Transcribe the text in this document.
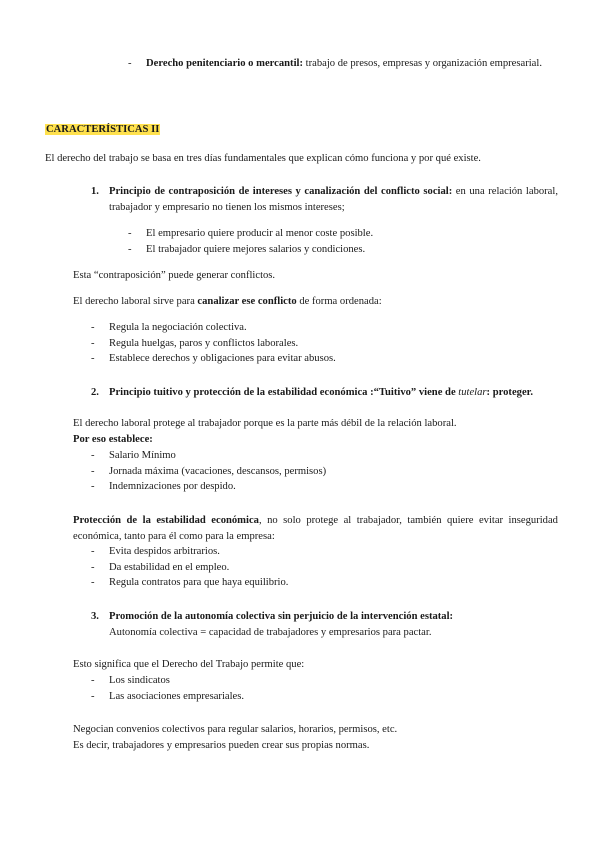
-	Derecho penitenciario o mercantil: trabajo de presos, empresas y organización empresarial.
CARACTERÍSTICAS II
El derecho del trabajo se basa en tres días fundamentales que explican cómo funciona y por qué existe.
1. Principio de contraposición de intereses y canalización del conflicto social: en una relación laboral, trabajador y empresario no tienen los mismos intereses;
-	El empresario quiere producir al menor coste posible.
-	El trabajador quiere mejores salarios y condiciones.
Esta “contraposición” puede generar conflictos.
El derecho laboral sirve para canalizar ese conflicto de forma ordenada:
-	Regula la negociación colectiva.
-	Regula huelgas, paros y conflictos laborales.
-	Establece derechos y obligaciones para evitar abusos.
2. Principio tuitivo y protección de la estabilidad económica :“Tuitivo” viene de tutelar: proteger.
El derecho laboral protege al trabajador porque es la parte más débil de la relación laboral.
Por eso establece:
-	Salario Mínimo
-	Jornada máxima (vacaciones, descansos, permisos)
-	Indemnizaciones por despido.
Protección de la estabilidad económica, no solo protege al trabajador, también quiere evitar inseguridad económica, tanto para él como para la empresa:
-	Evita despidos arbitrarios.
-	Da estabilidad en el empleo.
-	Regula contratos para que haya equilibrio.
3. Promoción de la autonomía colectiva sin perjuicio de la intervención estatal:
Autonomía colectiva = capacidad de trabajadores y empresarios para pactar.
Esto significa que el Derecho del Trabajo permite que:
-	Los sindicatos
-	Las asociaciones empresariales.
Negocian convenios colectivos para regular salarios, horarios, permisos, etc.
Es decir, trabajadores y empresarios pueden crear sus propias normas.
